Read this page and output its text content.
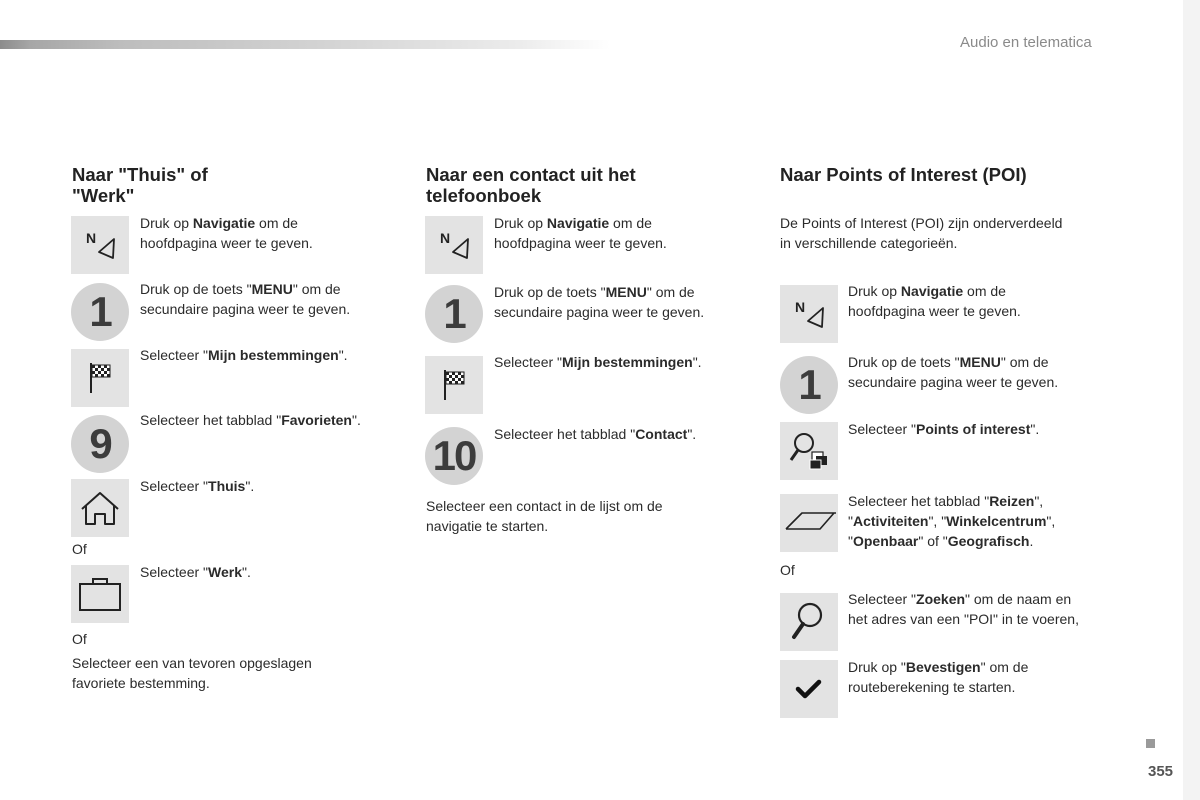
Audio en telematica
355
Naar "Thuis" of
"Werk"
N
Druk op Navigatie om de
hoofdpagina weer te geven.
1	Druk op de toets "MENU" om de
secundaire pagina weer te geven.
Selecteer "Mijn bestemmingen".
9	Selecteer het tabblad "Favorieten".
Selecteer "Thuis".
Of
Selecteer "Werk".
Of
Selecteer een van tevoren opgeslagen
favoriete bestemming.
Naar een contact uit het
telefoonboek
N
Druk op Navigatie om de
hoofdpagina weer te geven.
1	Druk op de toets "MENU" om de
secundaire pagina weer te geven.
Selecteer "Mijn bestemmingen".
10	Selecteer het tabblad "Contact".
Selecteer een contact in de lijst om de
navigatie te starten.
Naar Points of Interest (POI)
De Points of Interest (POI) zijn onderverdeeld
in verschillende categorieën.
N
Druk op Navigatie om de
hoofdpagina weer te geven.
1	Druk op de toets "MENU" om de
secundaire pagina weer te geven.
Selecteer "Points of interest".
Selecteer het tabblad "Reizen",
"Activiteiten", "Winkelcentrum",
"Openbaar" of "Geografisch.
Of
Selecteer "Zoeken" om de naam en
het adres van een "POI" in te voeren,
Druk op "Bevestigen" om de
routeberekening te starten.
